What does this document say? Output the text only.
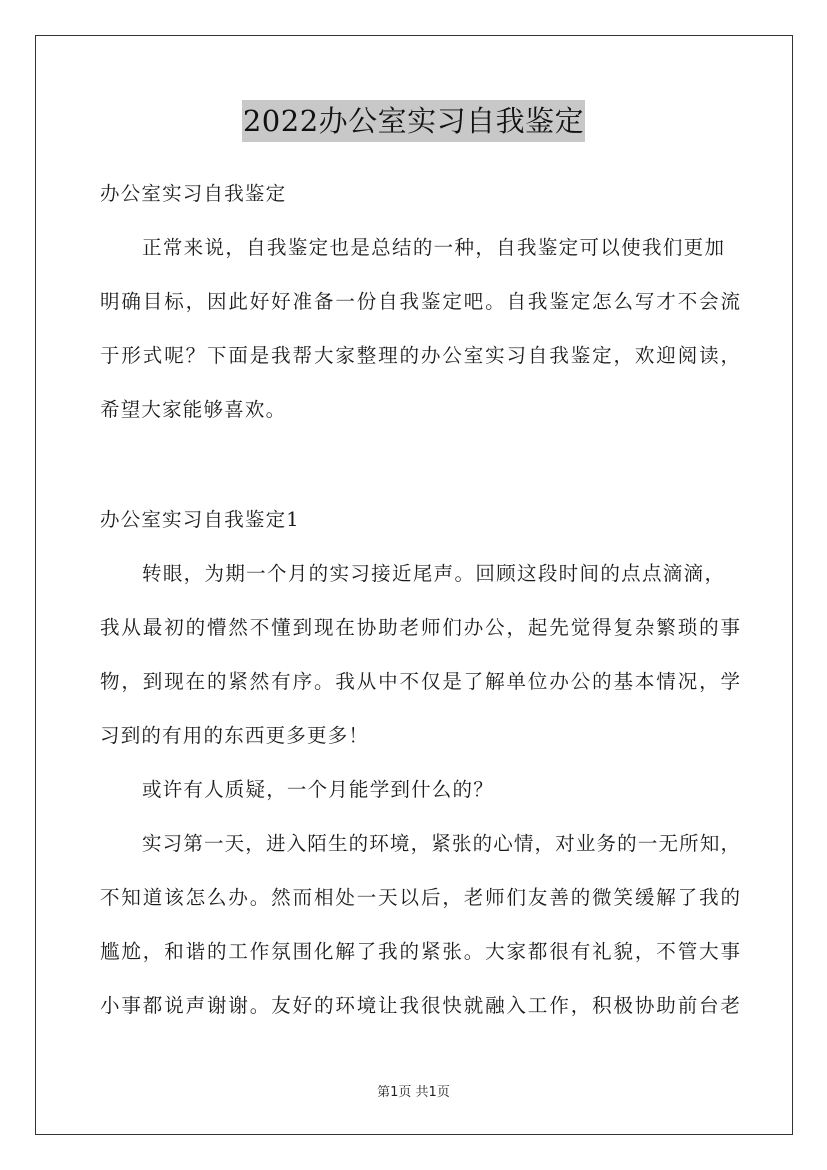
2022办公室实习自我鉴定
办公室实习自我鉴定
正常来说，自我鉴定也是总结的一种，自我鉴定可以使我们更加
明确目标，因此好好准备一份自我鉴定吧。自我鉴定怎么写才不会流
于形式呢？下面是我帮大家整理的办公室实习自我鉴定，欢迎阅读，
希望大家能够喜欢。
办公室实习自我鉴定1
转眼，为期一个月的实习接近尾声。回顾这段时间的点点滴滴，
我从最初的懵然不懂到现在协助老师们办公，起先觉得复杂繁琐的事
物，到现在的紧然有序。我从中不仅是了解单位办公的基本情况，学
习到的有用的东西更多更多！
或许有人质疑，一个月能学到什么的？
实习第一天，进入陌生的环境，紧张的心情，对业务的一无所知，
不知道该怎么办。然而相处一天以后，老师们友善的微笑缓解了我的
尴尬，和谐的工作氛围化解了我的紧张。大家都很有礼貌，不管大事
小事都说声谢谢。友好的环境让我很快就融入工作，积极协助前台老
第1页 共1页
